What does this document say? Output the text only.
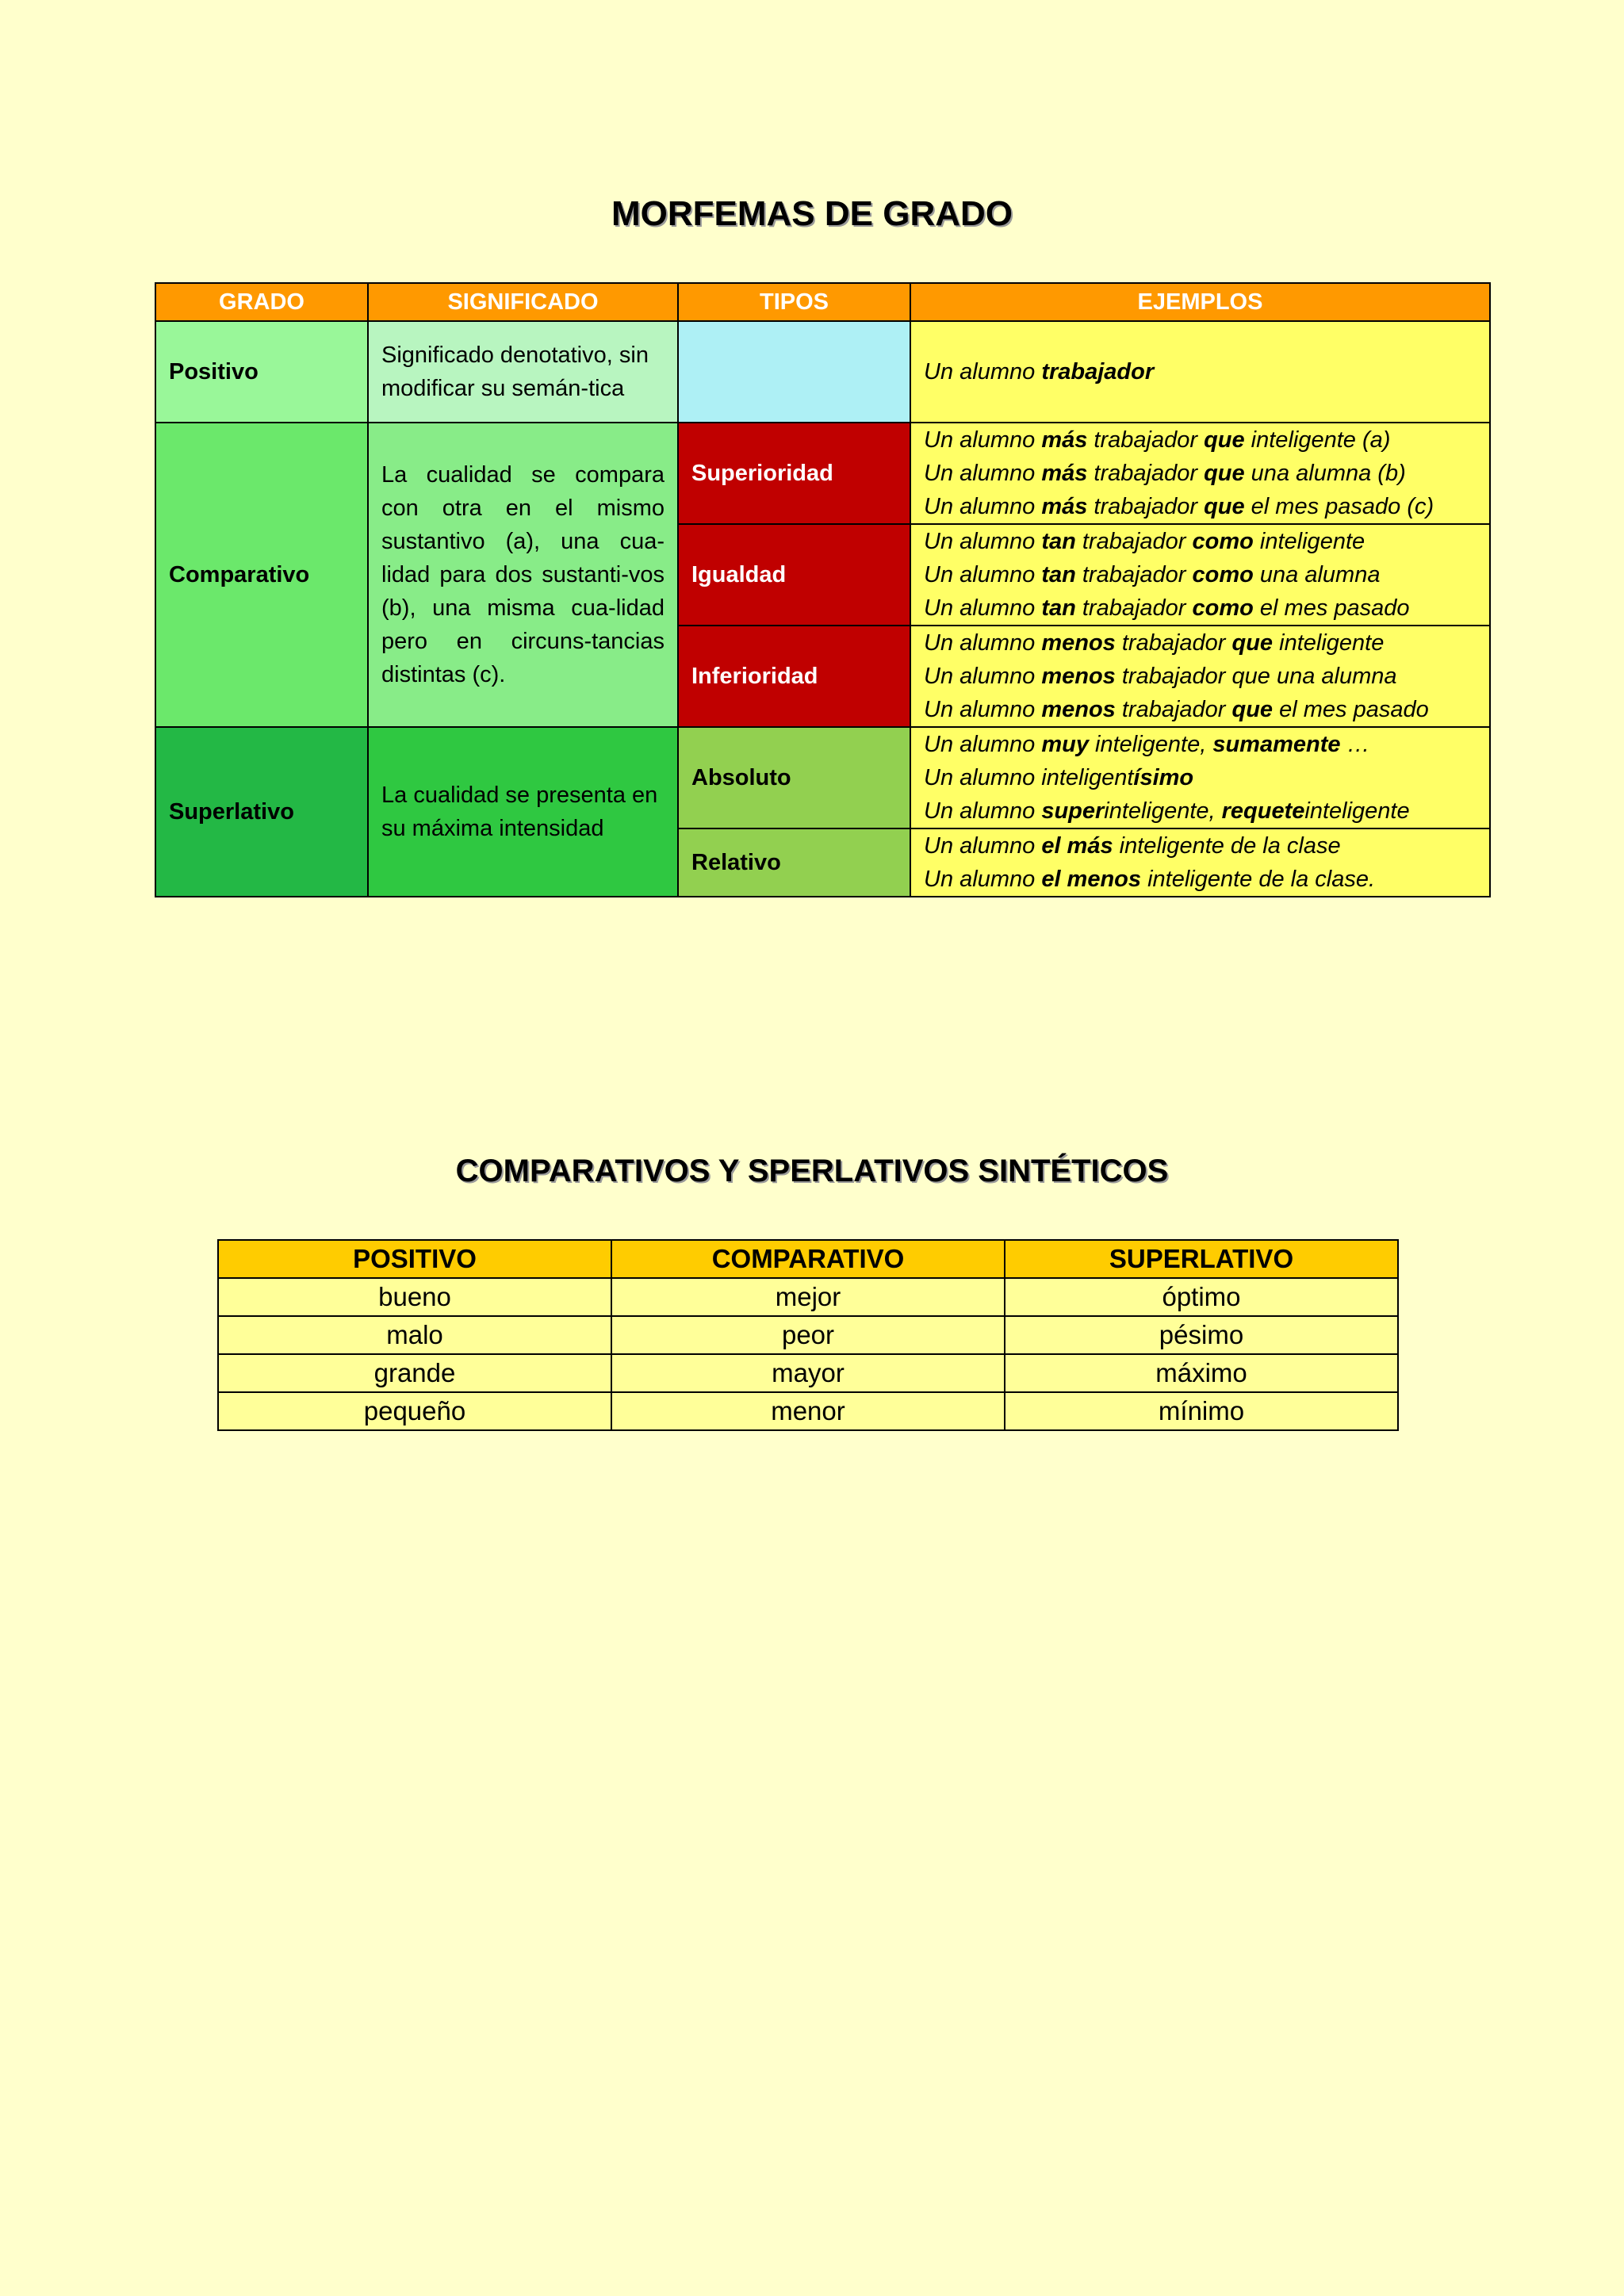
MORFEMAS DE GRADO
GRADO	SIGNIFICADO	TIPOS	EJEMPLOS
Positivo	Significado denotativo, sin modificar su semán-tica		Un alumno trabajador

Comparativo	La cualidad se compara con otra en el mismo sustantivo (a), una cua-lidad para dos sustanti-vos (b), una misma cua-lidad pero en circuns-tancias distintas (c).	Superioridad	Un alumno más trabajador que inteligente (a)
Un alumno más trabajador que una alumna (b)
Un alumno más trabajador que el mes pasado (c)

		Igualdad	Un alumno tan trabajador como inteligente
Un alumno tan trabajador como una alumna
Un alumno tan trabajador como el mes pasado

		Inferioridad	Un alumno menos trabajador que inteligente
Un alumno menos trabajador que una alumna
Un alumno menos trabajador que el mes pasado

Superlativo	La cualidad se presenta en su máxima intensidad	Absoluto	Un alumno muy inteligente, sumamente …
Un alumno inteligentísimo
Un alumno superinteligente, requeteinteligente

		Relativo	Un alumno el más inteligente de la clase
Un alumno el menos inteligente de la clase.
COMPARATIVOS Y SPERLATIVOS SINTÉTICOS
POSITIVO	COMPARATIVO	SUPERLATIVO
bueno	mejor	óptimo
malo	peor	pésimo
grande	mayor	máximo
pequeño	menor	mínimo
